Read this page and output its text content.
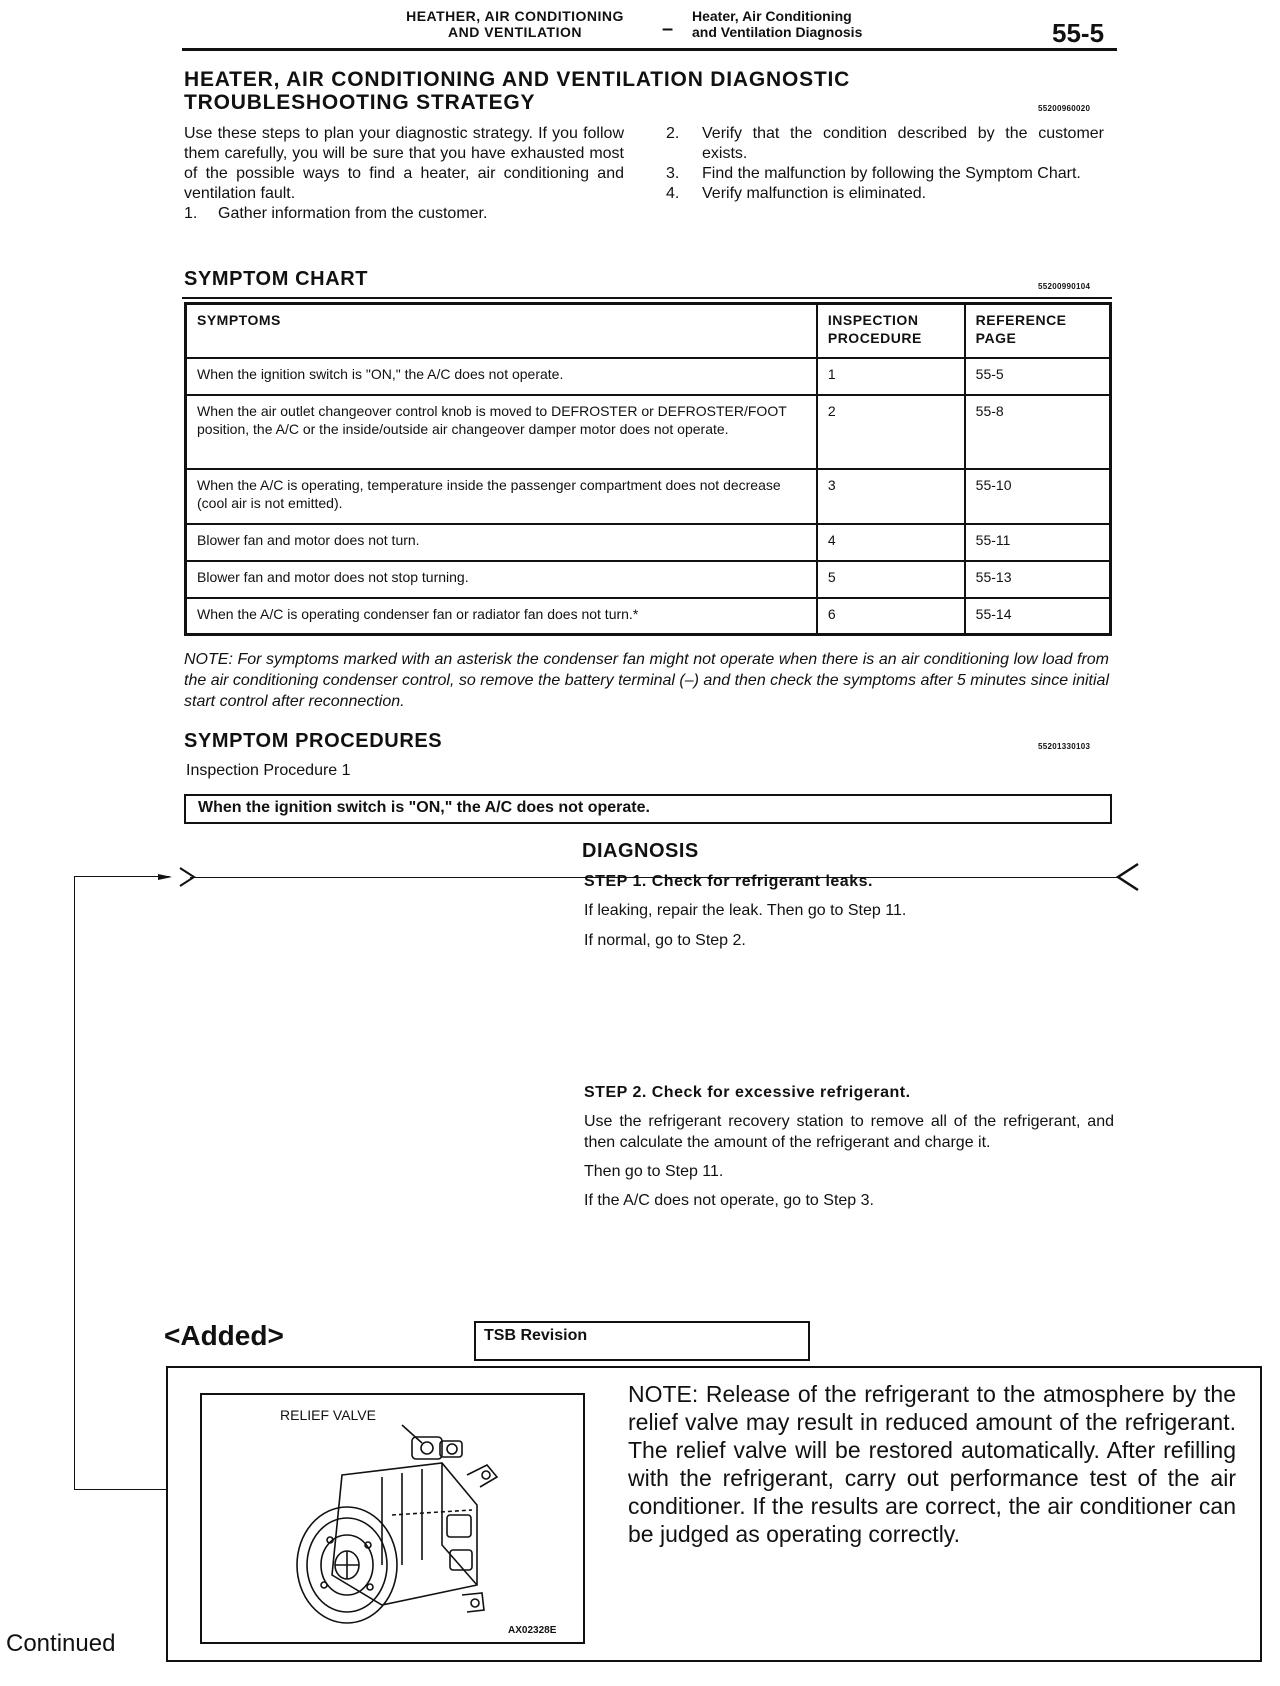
HEATHER, AIR CONDITIONING
AND VENTILATION	–
Heater, Air Conditioning
and Ventilation Diagnosis	55-5
HEATER, AIR CONDITIONING AND VENTILATION DIAGNOSTIC
TROUBLESHOOTING STRATEGY	55200960020
Use these steps to plan your diagnostic strategy. If you follow them carefully, you will be sure that you have exhausted most of the possible ways to find a heater, air conditioning and ventilation fault.
1.	Gather information from the customer.
2.	Verify that the condition described by the customer exists.
3.	Find the malfunction by following the Symptom Chart.
4.	Verify malfunction is eliminated.
SYMPTOM CHART	55200990104
SYMPTOMS	INSPECTION PROCEDURE	REFERENCE PAGE
When the ignition switch is "ON," the A/C does not operate.	1	55-5
When the air outlet changeover control knob is moved to DEFROSTER or DEFROSTER/FOOT position, the A/C or the inside/outside air changeover damper motor does not operate.	2	55-8
When the A/C is operating, temperature inside the passenger compartment does not decrease (cool air is not emitted).	3	55-10
Blower fan and motor does not turn.	4	55-11
Blower fan and motor does not stop turning.	5	55-13
When the A/C is operating condenser fan or radiator fan does not turn.*	6	55-14
NOTE: For symptoms marked with an asterisk the condenser fan might not operate when there is an air conditioning low load from the air conditioning condenser control, so remove the battery terminal (–) and then check the symptoms after 5 minutes since initial start control after reconnection.
SYMPTOM PROCEDURES	55201330103
Inspection Procedure 1
When the ignition switch is "ON," the A/C does not operate.
DIAGNOSIS
STEP 1. Check for refrigerant leaks.
If leaking, repair the leak. Then go to Step 11.
If normal, go to Step 2.
STEP 2. Check for excessive refrigerant.
Use the refrigerant recovery station to remove all of the refrigerant, and then calculate the amount of the refrigerant and charge it.
Then go to Step 11.
If the A/C does not operate, go to Step 3.
<Added>	TSB Revision
RELIEF VALVE
AX02328E
NOTE: Release of the refrigerant to the atmosphere by the relief valve may result in reduced amount of the refrigerant. The relief valve will be restored automatically. After refilling with the refrigerant, carry out performance test of the air conditioner. If the results are correct, the air conditioner can be judged as operating correctly.
Continued
